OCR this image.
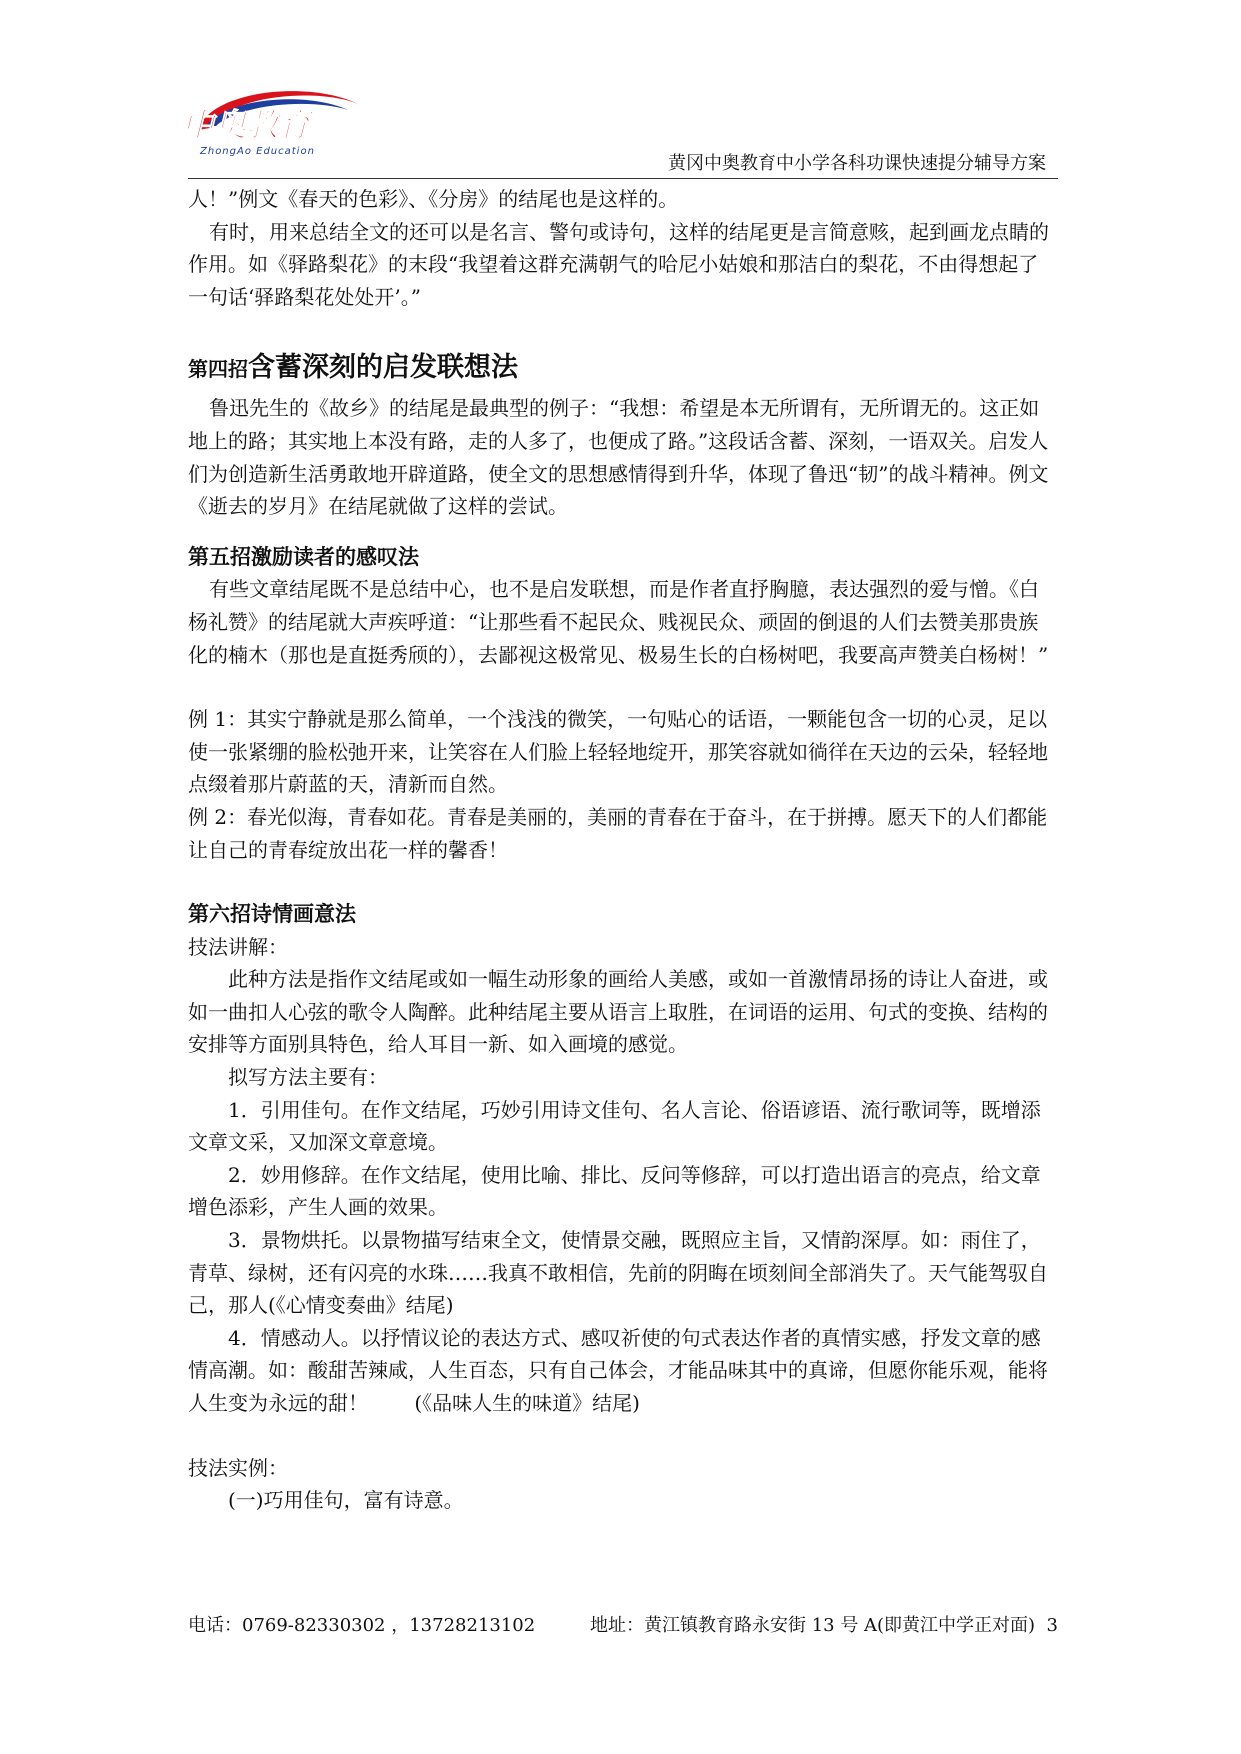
中奥教育
ZhongAo Education
黄冈中奥教育中小学各科功课快速提分辅导方案

人！”例文《春天的色彩》、《分房》的结尾也是这样的。

有时，用来总结全文的还可以是名言、警句或诗句，这样的结尾更是言简意赅，起到画龙点睛的作用。如《驿路梨花》的末段“我望着这群充满朝气的哈尼小姑娘和那洁白的梨花，不由得想起了一句话‘驿路梨花处处开’。”

第四招含蓄深刻的启发联想法

鲁迅先生的《故乡》的结尾是最典型的例子：“我想：希望是本无所谓有，无所谓无的。这正如地上的路；其实地上本没有路，走的人多了，也便成了路。”这段话含蓄、深刻，一语双关。启发人们为创造新生活勇敢地开辟道路，使全文的思想感情得到升华，体现了鲁迅“韧”的战斗精神。例文《逝去的岁月》在结尾就做了这样的尝试。

第五招激励读者的感叹法

有些文章结尾既不是总结中心，也不是启发联想，而是作者直抒胸臆，表达强烈的爱与憎。《白杨礼赞》的结尾就大声疾呼道：“让那些看不起民众、贱视民众、顽固的倒退的人们去赞美那贵族化的楠木（那也是直挺秀颀的），去鄙视这极常见、极易生长的白杨树吧，我要高声赞美白杨树！”

例 1：其实宁静就是那么简单，一个浅浅的微笑，一句贴心的话语，一颗能包含一切的心灵，足以使一张紧绷的脸松弛开来，让笑容在人们脸上轻轻地绽开，那笑容就如徜徉在天边的云朵，轻轻地点缀着那片蔚蓝的天，清新而自然。

例 2：春光似海，青春如花。青春是美丽的，美丽的青春在于奋斗，在于拼搏。愿天下的人们都能让自己的青春绽放出花一样的馨香！

第六招诗情画意法

技法讲解：

此种方法是指作文结尾或如一幅生动形象的画给人美感，或如一首激情昂扬的诗让人奋进，或如一曲扣人心弦的歌令人陶醉。此种结尾主要从语言上取胜，在词语的运用、句式的变换、结构的安排等方面别具特色，给人耳目一新、如入画境的感觉。

拟写方法主要有：

1．引用佳句。在作文结尾，巧妙引用诗文佳句、名人言论、俗语谚语、流行歌词等，既增添文章文采，又加深文章意境。

2．妙用修辞。在作文结尾，使用比喻、排比、反问等修辞，可以打造出语言的亮点，给文章增色添彩，产生人画的效果。

3．景物烘托。以景物描写结束全文，使情景交融，既照应主旨，又情韵深厚。如：雨住了，青草、绿树，还有闪亮的水珠……我真不敢相信，先前的阴晦在顷刻间全部消失了。天气能驾驭自己，那人(《心情变奏曲》结尾)

4．情感动人。以抒情议论的表达方式、感叹祈使的句式表达作者的真情实感，抒发文章的感情高潮。如：酸甜苦辣咸，人生百态，只有自己体会，才能品味其中的真谛，但愿你能乐观，能将人生变为永远的甜！　　 (《品味人生的味道》结尾)

技法实例：

(一)巧用佳句，富有诗意。

电话：0769-82330302 ，13728213102	地址：黄江镇教育路永安街 13 号 A(即黄江中学正对面) 3
